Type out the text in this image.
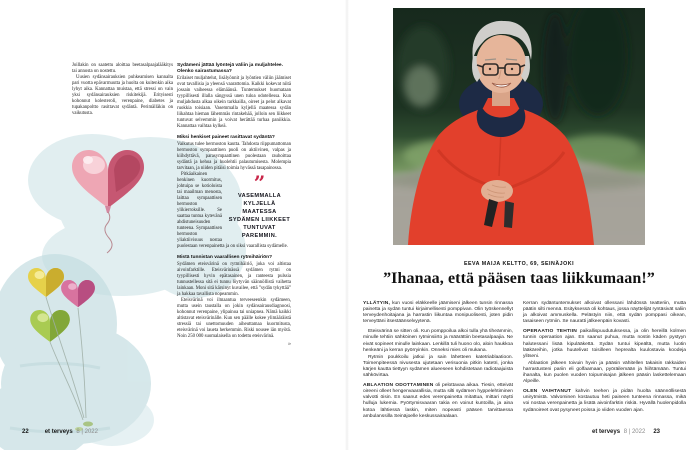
Joillakin on saatettu aloittaa beetasalpaajalääkitys tai annosta on nostettu.

Uusien sydänsairauksien puhkeamisen kannalta pari vuotta epävarmuutta ja huolta on kuitenkin aika lyhyt aika. Kannattaa muistaa, että stressi on vain yksi sydänsairauksien riskitekijä. Erityisesti kohonnut kolesteroli, verenpaine, diabetes ja tupakanpoltto rasittavat sydäntä. Perimälläkin on vaikutusta.

Sydämeni jättää lyöntejä väliin ja muljahtelee. Olenko sairastumassa?

Erilaiset muljahtelut, lisälyönnit ja lyöntien väliin jäämiset ovat tavallisia ja yleensä vaarattomia. Kaikki kokevat niitä jossain vaiheessa elämäänsä. Tuntemukset huomataan tyypillisesti illalla sängyssä unen tuloa odotellessa. Kun muljahdusta alkaa oikein tarkkailla, oireet ja pelot alkavat ruokkia toisiaan. Vasemmalla kyljellä maatessa sydän liikahtaa hieman lähemmäs rintakehää, jolloin sen liikkeet tuntuvat selvemmin ja voivat herättää turhaa paniikkia. Kannattaa vaihtaa kylkeä.

Miksi henkiset paineet rasittavat sydäntä?

Vaikutus tulee hermoston kautta. Tahdosta riippumattoman hermoston sympaattinen puoli on aktiivinen, valpas ja kiihdyttävä, parasympaattinen puolestaan rauhoittaa sydäntä ja kehoa ja huolehtii palautumisesta. Molempia tarvitaan, ja niiden pitäisi toimia hyvässä tasapainossa.

”
VASEMMALLA KYLJELLÄ MAATESSA SYDÄMEN LIIKKEET TUNTUVAT PAREMMIN.

Pitkäaikainen henkinen kuormitus, johtuipa se kotioloista tai maailman menosta, laittaa sympaattisen hermoston ylikierroksille. Se saattaa tuntua kytevänä ahdistuneisuuden tunteena. Sympaattisen hermoston yliaktiivisuus nostaa puolestaan verenpainetta ja on siksi vaarallista sydämelle.

Mistä tunnistan vaarallisen rytmihäiriön?

Sydämen eteisvärinä on rytmihäiriö, joka voi altistaa aivoinfarktille. Eteisvärinässä sydämen rytmi on tyypillisesti hyvin epätasainen, ja ranteesta pulssia tunnustellessa sitä ei tunnu löytyvän säännöllistä vaihetta lainkaan. Moni sitä kärsinyt kuvailee, että ”sydän tykyttää” ja hakkaa tavallista nopeammin.

Eteisvärinä voi ilmaantua terveeseenkin sydämeen, mutta usein taustalla on jokin sydänsairausdiagnoosi, kohonnut verenpaine, ylipainoa tai uniapnea. Nämä kaikki altistavat eteisvärinälle. Kun sen päälle kokee ylimääräistä stressiä tai unettomuuden aiheuttamaa kuormitusta, eteisvärinä voi laueta herkemmin. Riski nousee iän myötä. Noin 250 000 suomalaisella on todettu eteisvärinä.

»
22	et terveys 8 | 2022
EEVA MAIJA KELTTO, 69, SEINÄJOKI
”Ihanaa, että pääsen taas liikkumaan!”

YLLÄTYIN, kun vuosi eläkkeelle jäämiseni jälkeen tunsin rinnassa painetta ja sydän tuntui kirjaimellisesti pomppivan. Olin työskennellyt terveydenhoitajana ja harrastin liikuntaa monipuolisesti, joten pidin terveyttäni itsestäänselvyytenä.

Eteisvärinä se sitten oli. Kun pomppoilua alkoi tulla yhä tiheämmin, minulle tehtiin sähköinen rytminsiirto ja määrättiin beetasalpaajia. Ne eivät sopineet minulle lainkaan. Lenkillä tuli huono olo, aloin haukkoa henkeäni ja kerran pyörryinkin. Onneksi mies oli mukana.

Rytmin poukkoilu jatkui ja sain lähetteen katetriablaatioon. Toimenpiteessä nivusesta ujutetaan verisuonia pitkin katetri, jonka kärjen kautta tiettyyn sydämen alueeseen kohdistetaan radiotaajuista sähkövirtaa.

ABLAATION ODOTTAMINEN oli pelottavaa aikaa. Tiesin, etteivät oireeni olleet hengenvaarallisia, mutta silti sydämen hyppelehtiminen valvotti öisin. En saanut edes verenpainetta mitattua, mittari näytti hulluja lukemia. Pyörtymisvaaran takia en voinut kuntoilla, ja aina kotoa lähtiessä laskin, miten nopeasti pääsen tarvittaessa ambulanssilla Seinäjoelle keskussairaalaan.

Kerran sydäntuntemukset alkoivat ollessani lähdössä teatteriin, mutta päätin silti mennä. Esityksessä oli kohtaus, jossa näyttelijät ryntäsivät saliin ja alkoivat ammuskella. Pelästyin niin, että sydän pomppasi oikean, tasaiseen rytmiin. Se nauratti jälkeenpäin kovasti.

OPERAATIO TEHTIIN paikallispuudutuksessa, ja olin hereillä kolmen tunnin operaation ajan. En saanut puhua, mutta nostin käden pystyyn halutessani lisää kipulääkettä. Sydän tuntui kipeältä, mutta luotin lääkäreihin, jotka huutelivat toisilleen heprealta kuulostavia koodeja ylitseni.

Ablaation jälkeen toivuin hyvin ja pääsin vähitellen takaisin rakkaiden harrastusteni pariin eli golfaamaan, pyöräilemään ja hiihtämään. Tuntui ihanalta, kun puolen vuoden toipumisajan jälkeen pääsin laskettelemaan Alpeille.

OLEN VAIHTANUT kahvin teehen ja pidän huolta säännöllisestä unirytmistä. Valvominen kostautuu heti paineen tunteena rinnassa, mikä voi nostaa verenpainetta ja lisätä aivoinfarktin riskiä. Hyvällä huolenpidolla sydänoireet ovat pysyneet poissa jo viiden vuoden ajan.

et terveys 8 | 2022 23
